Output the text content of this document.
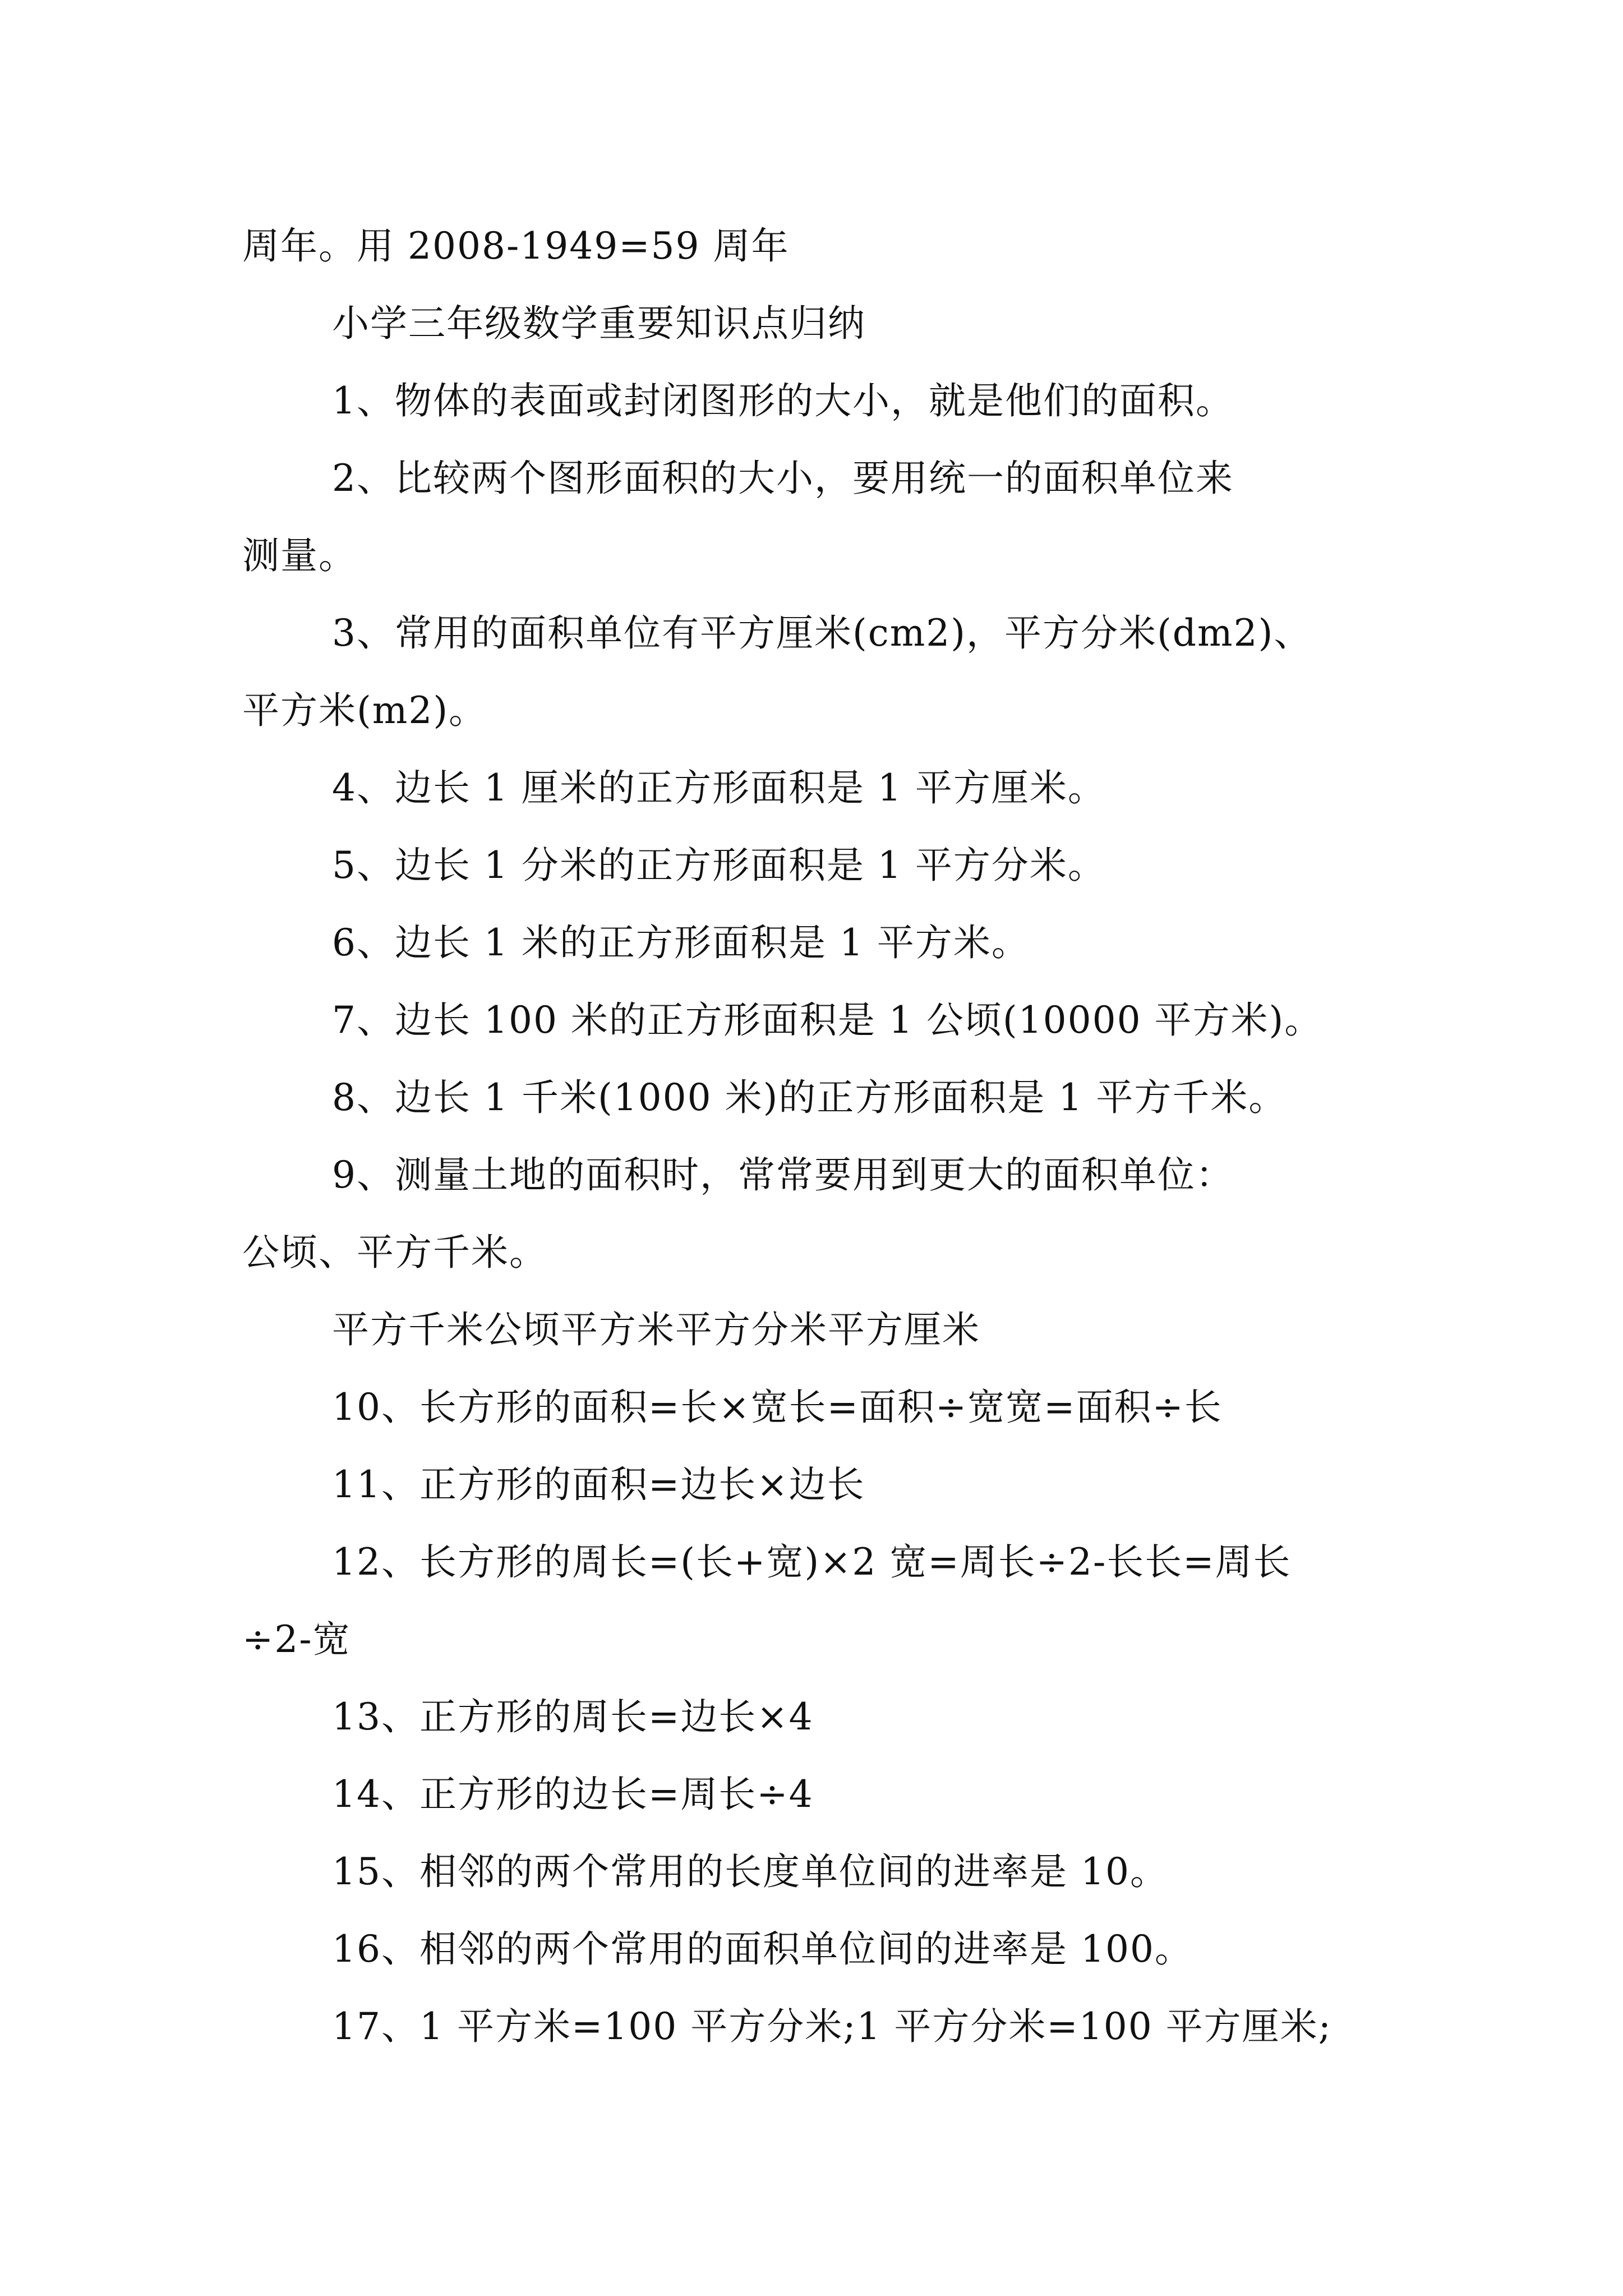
周年。用 2008-1949=59 周年
小学三年级数学重要知识点归纳
1、物体的表面或封闭图形的大小，就是他们的面积。
2、比较两个图形面积的大小，要用统一的面积单位来
测量。
3、常用的面积单位有平方厘米(cm2)，平方分米(dm2)、
平方米(m2)。
4、边长 1 厘米的正方形面积是 1 平方厘米。
5、边长 1 分米的正方形面积是 1 平方分米。
6、边长 1 米的正方形面积是 1 平方米。
7、边长 100 米的正方形面积是 1 公顷(10000 平方米)。
8、边长 1 千米(1000 米)的正方形面积是 1 平方千米。
9、测量土地的面积时，常常要用到更大的面积单位：
公顷、平方千米。
平方千米公顷平方米平方分米平方厘米
10、长方形的面积=长×宽长=面积÷宽宽=面积÷长
11、正方形的面积=边长×边长
12、长方形的周长=(长+宽)×2 宽=周长÷2-长长=周长
÷2-宽
13、正方形的周长=边长×4
14、正方形的边长=周长÷4
15、相邻的两个常用的长度单位间的进率是 10。
16、相邻的两个常用的面积单位间的进率是 100。
17、1 平方米=100 平方分米;1 平方分米=100 平方厘米;
